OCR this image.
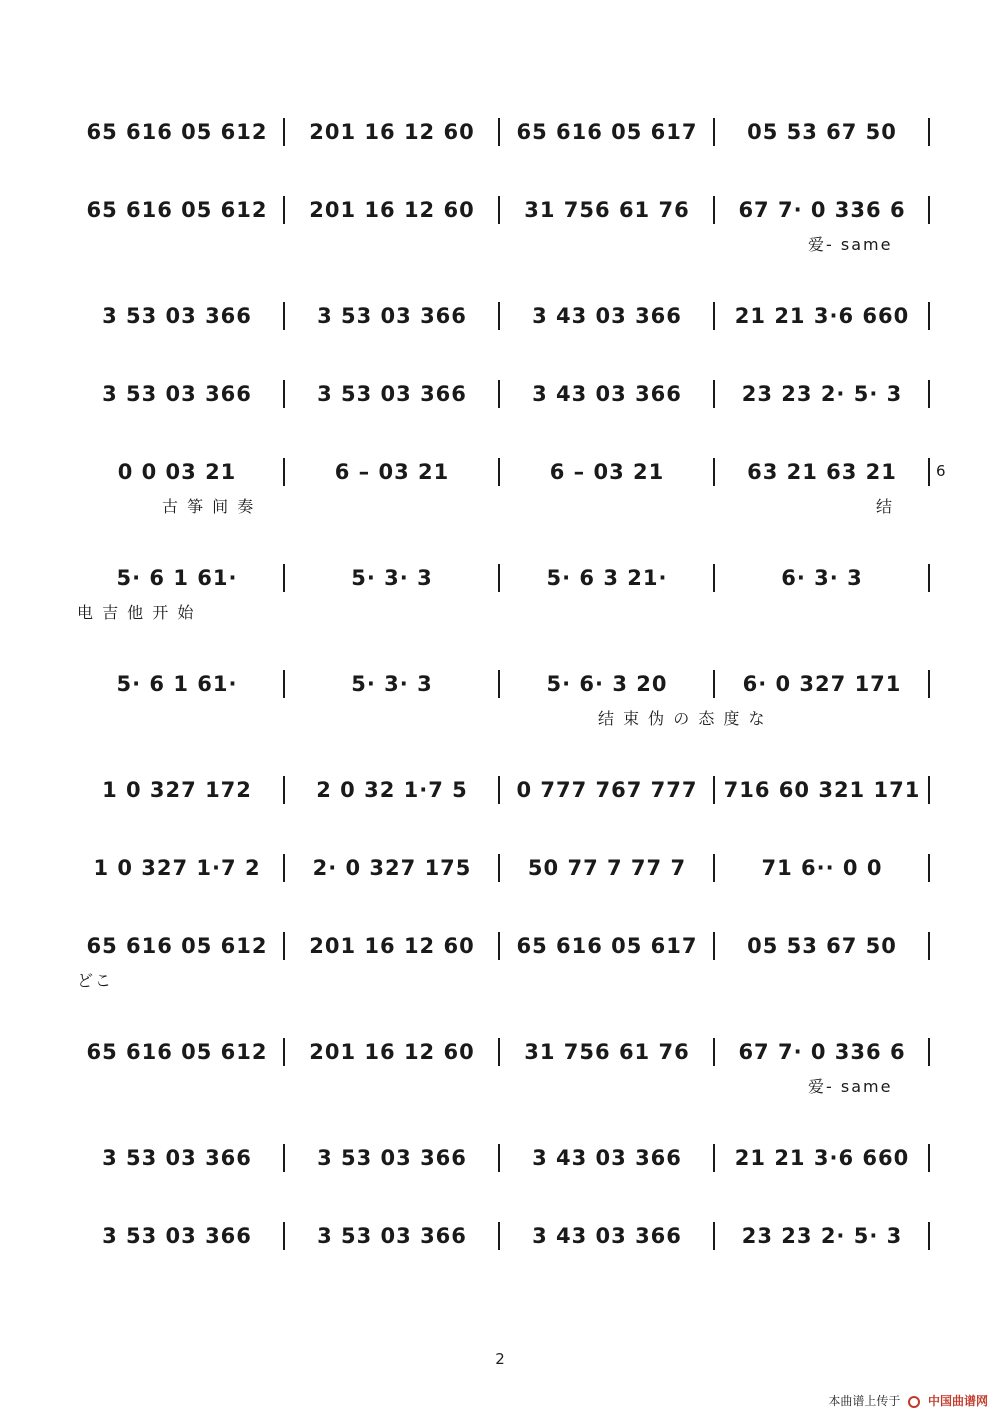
6
2
本曲谱上传于 中国曲谱网
65 616 05 612	201 16 12 60	65 616 05 617	05 53 67 50
65 616 05 612	201 16 12 60	31 756 61 76	67 7· 0 336 6
爱- same
3 53 03 366	3 53 03 366	3 43 03 366	21 21 3·6 660
3 53 03 366	3 53 03 366	3 43 03 366	23 23 2· 5· 3
0 0 03 21	6 – 03 21	6 – 03 21	63 21 63 21
古 筝 间 奏	结
5· 6 1 61·	5· 3· 3	5· 6 3 21·	6· 3· 3
电 吉 他 开 始
5· 6 1 61·	5· 3· 3	5· 6· 3 20	6· 0 327 171
结 束 伪 の 态 度 な
1 0 327 172	2 0 32 1·7 5	0 777 767 777	716 60 321 171
1 0 327 1·7 2	2· 0 327 175	50 77 7 77 7	71 6·· 0 0
65 616 05 612	201 16 12 60	65 616 05 617	05 53 67 50
どこ
65 616 05 612	201 16 12 60	31 756 61 76	67 7· 0 336 6
爱- same
3 53 03 366	3 53 03 366	3 43 03 366	21 21 3·6 660
3 53 03 366	3 53 03 366	3 43 03 366	23 23 2· 5· 3
